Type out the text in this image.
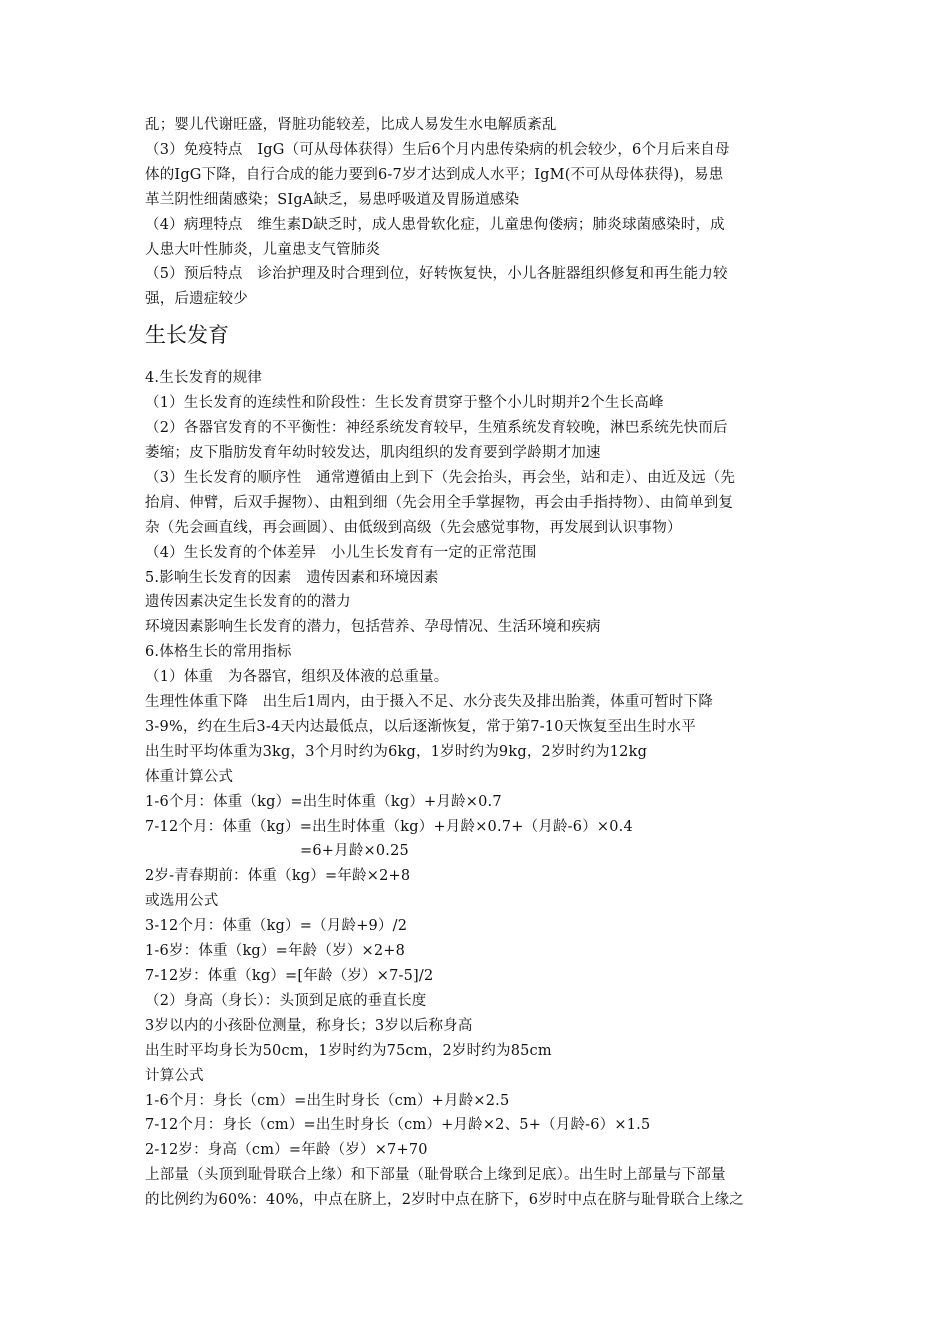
乱；婴儿代谢旺盛，肾脏功能较差，比成人易发生水电解质紊乱
（3）免疫特点　IgG（可从母体获得）生后6个月内患传染病的机会较少，6个月后来自母
体的IgG下降，自行合成的能力要到6-7岁才达到成人水平；IgM(不可从母体获得)，易患
革兰阴性细菌感染；SIgA缺乏，易患呼吸道及胃肠道感染
（4）病理特点　维生素D缺乏时，成人患骨软化症，儿童患佝偻病；肺炎球菌感染时，成
人患大叶性肺炎，儿童患支气管肺炎
（5）预后特点　诊治护理及时合理到位，好转恢复快，小儿各脏器组织修复和再生能力较
强，后遗症较少
生长发育
4.生长发育的规律
（1）生长发育的连续性和阶段性：生长发育贯穿于整个小儿时期并2个生长高峰
（2）各器官发育的不平衡性：神经系统发育较早，生殖系统发育较晚，淋巴系统先快而后
萎缩；皮下脂肪发育年幼时较发达，肌肉组织的发育要到学龄期才加速
（3）生长发育的顺序性　通常遵循由上到下（先会抬头，再会坐，站和走）、由近及远（先
抬肩、伸臂，后双手握物）、由粗到细（先会用全手掌握物，再会由手指持物）、由简单到复
杂（先会画直线，再会画圆）、由低级到高级（先会感觉事物，再发展到认识事物）
（4）生长发育的个体差异　小儿生长发育有一定的正常范围
5.影响生长发育的因素　遗传因素和环境因素
遗传因素决定生长发育的的潜力
环境因素影响生长发育的潜力，包括营养、孕母情况、生活环境和疾病
6.体格生长的常用指标
（1）体重　为各器官，组织及体液的总重量。
生理性体重下降　出生后1周内，由于摄入不足、水分丧失及排出胎粪，体重可暂时下降
3-9%，约在生后3-4天内达最低点，以后逐渐恢复，常于第7-10天恢复至出生时水平
出生时平均体重为3kg，3个月时约为6kg，1岁时约为9kg，2岁时约为12kg
体重计算公式
1-6个月：体重（kg）=出生时体重（kg）+月龄×0.7
7-12个月：体重（kg）=出生时体重（kg）+月龄×0.7+（月龄-6）×0.4
=6+月龄×0.25
2岁-青春期前：体重（kg）=年龄×2+8
或选用公式
3-12个月：体重（kg）=（月龄+9）/2
1-6岁：体重（kg）=年龄（岁）×2+8
7-12岁：体重（kg）=[年龄（岁）×7-5]/2
（2）身高（身长）：头顶到足底的垂直长度
3岁以内的小孩卧位测量，称身长；3岁以后称身高
出生时平均身长为50cm，1岁时约为75cm，2岁时约为85cm
计算公式
1-6个月：身长（cm）=出生时身长（cm）+月龄×2.5
7-12个月：身长（cm）=出生时身长（cm）+月龄×2、5+（月龄-6）×1.5
2-12岁：身高（cm）=年龄（岁）×7+70
上部量（头顶到耻骨联合上缘）和下部量（耻骨联合上缘到足底）。出生时上部量与下部量
的比例约为60%：40%，中点在脐上，2岁时中点在脐下，6岁时中点在脐与耻骨联合上缘之
